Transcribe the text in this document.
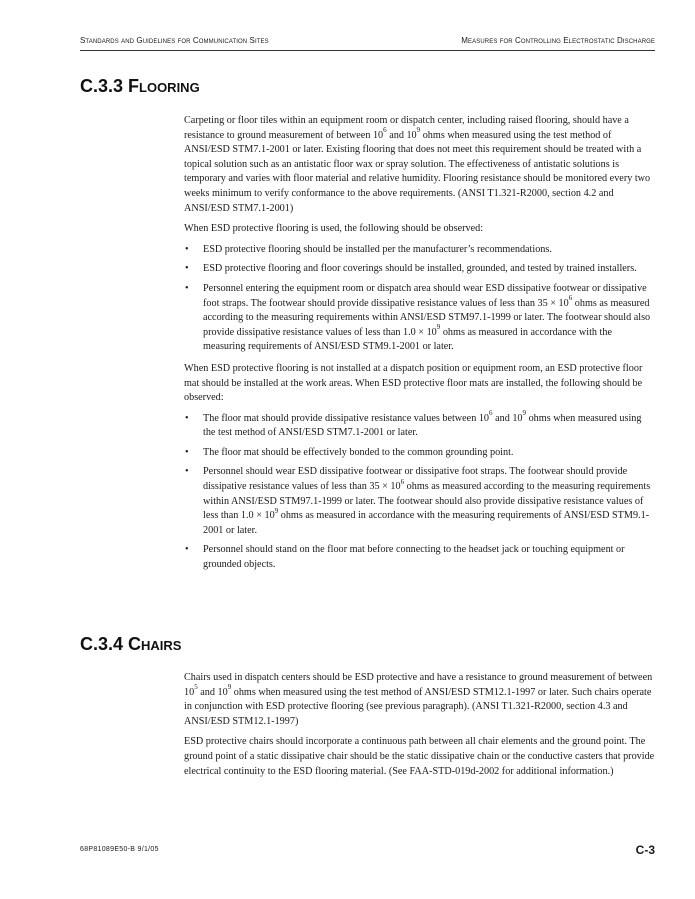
Standards and Guidelines for Communication Sites	Measures for Controlling Electrostatic Discharge
C.3.3 Flooring

Carpeting or floor tiles within an equipment room or dispatch center, including raised flooring, should have a resistance to ground measurement of between $10^6$ and $10^9$ ohms when measured using the test method of ANSI/ESD STM7.1-2001 or later. Existing flooring that does not meet this requirement should be treated with a topical solution such as an antistatic floor wax or spray solution. The effectiveness of antistatic solutions is temporary and varies with floor material and relative humidity. Flooring resistance should be monitored every two weeks minimum to verify conformance to the above requirements. (ANSI T1.321-R2000, section 4.2 and ANSI/ESD STM7.1-2001)

When ESD protective flooring is used, the following should be observed:

• ESD protective flooring should be installed per the manufacturer’s recommendations.
• ESD protective flooring and floor coverings should be installed, grounded, and tested by trained installers.
• Personnel entering the equipment room or dispatch area should wear ESD dissipative footwear or dissipative foot straps. The footwear should provide dissipative resistance values of less than $35 \times 10^6$ ohms as measured according to the measuring requirements within ANSI/ESD STM97.1-1999 or later. The footwear should also provide dissipative resistance values of less than $1.0 \times 10^9$ ohms as measured in accordance with the measuring requirements of ANSI/ESD STM9.1-2001 or later.

When ESD protective flooring is not installed at a dispatch position or equipment room, an ESD protective floor mat should be installed at the work areas. When ESD protective floor mats are installed, the following should be observed:

• The floor mat should provide dissipative resistance values between $10^6$ and $10^9$ ohms when measured using the test method of ANSI/ESD STM7.1-2001 or later.
• The floor mat should be effectively bonded to the common grounding point.
• Personnel should wear ESD dissipative footwear or dissipative foot straps. The footwear should provide dissipative resistance values of less than $35 \times 10^6$ ohms as measured according to the measuring requirements within ANSI/ESD STM97.1-1999 or later. The footwear should also provide dissipative resistance values of less than $1.0 \times 10^9$ ohms as measured in accordance with the measuring requirements of ANSI/ESD STM9.1-2001 or later.
• Personnel should stand on the floor mat before connecting to the headset jack or touching equipment or grounded objects.
C.3.4 Chairs

Chairs used in dispatch centers should be ESD protective and have a resistance to ground measurement of between $10^5$ and $10^9$ ohms when measured using the test method of ANSI/ESD STM12.1-1997 or later. Such chairs operate in conjunction with ESD protective flooring (see previous paragraph). (ANSI T1.321-R2000, section 4.3 and ANSI/ESD STM12.1-1997)

ESD protective chairs should incorporate a continuous path between all chair elements and the ground point. The ground point of a static dissipative chair should be the static dissipative chain or the conductive casters that provide electrical continuity to the ESD flooring material. (See FAA-STD-019d-2002 for additional information.)

68P81089E50-B 9/1/05	C-3
